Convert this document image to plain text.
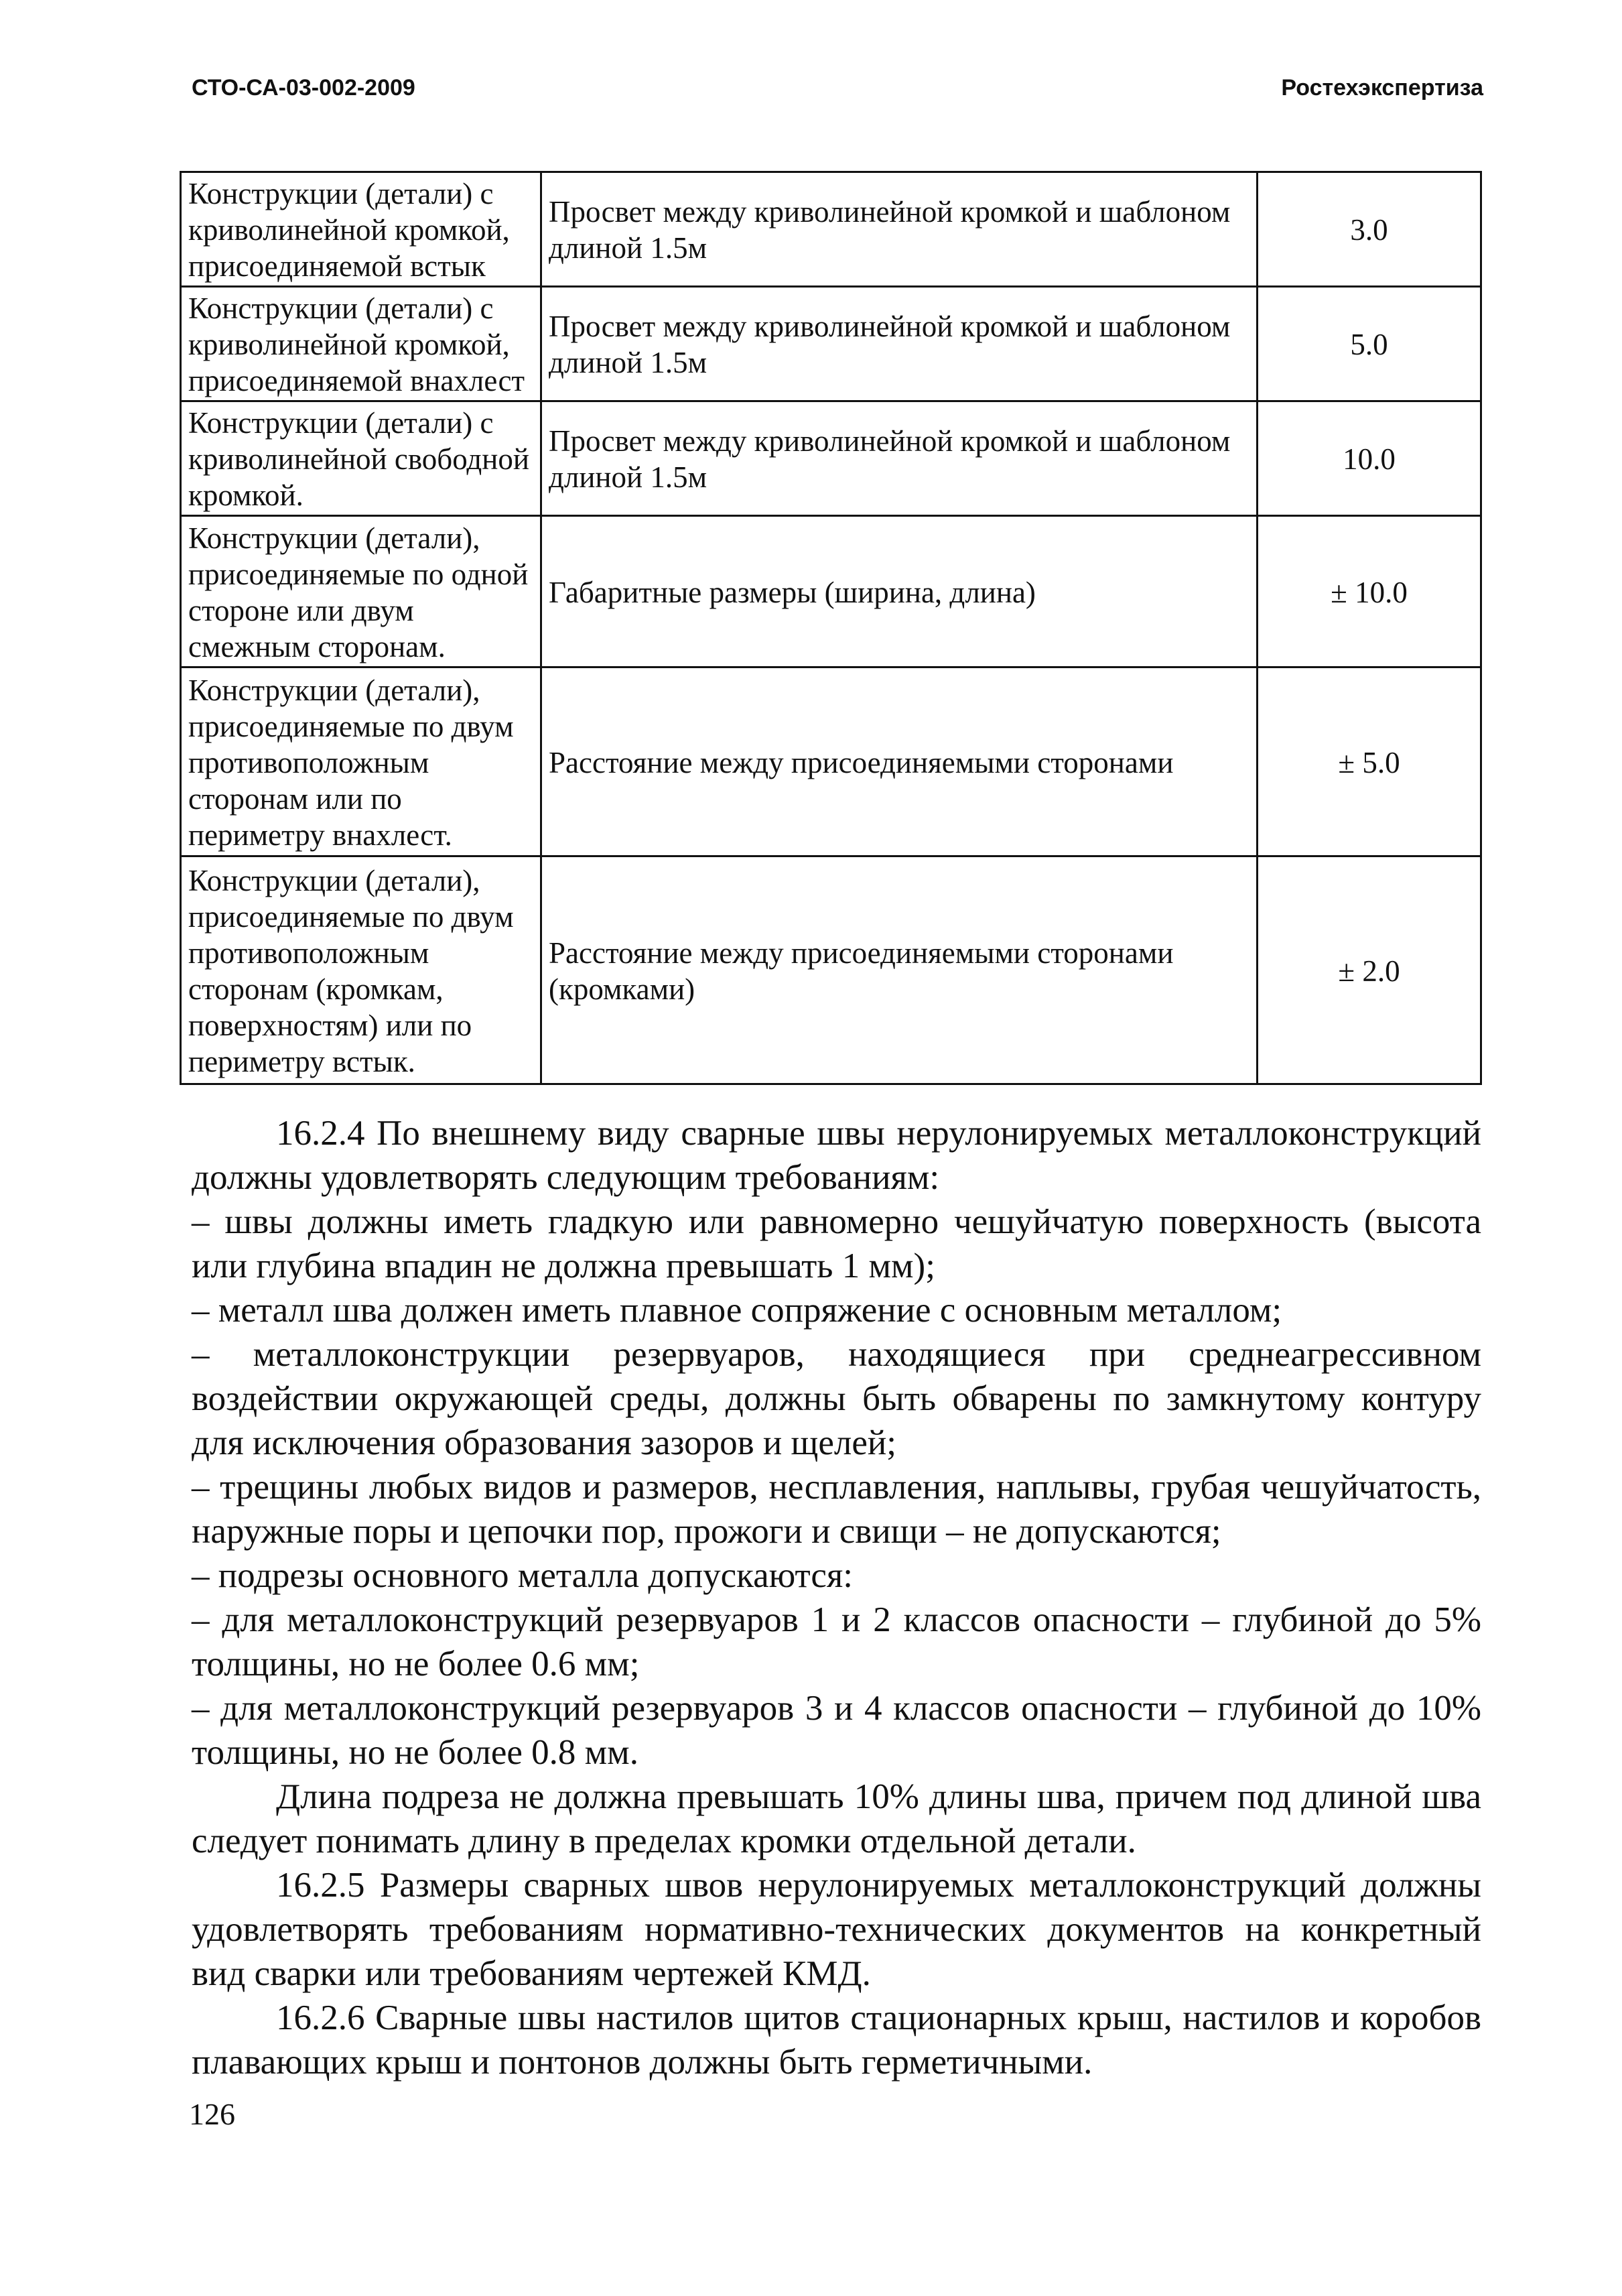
СТО-СА-03-002-2009	Ростехэкспертиза
Конструкции (детали) с криволинейной кромкой, присоединяемой встык	Просвет между криволинейной кромкой и шаблоном длиной 1.5м	3.0
Конструкции (детали) с криволинейной кромкой, присоединяемой внахлест	Просвет между криволинейной кромкой и шаблоном длиной 1.5м	5.0
Конструкции (детали) с криволинейной свободной кромкой.	Просвет между криволинейной кромкой и шаблоном длиной 1.5м	10.0
Конструкции (детали), присоединяемые по одной стороне или двум смежным сторонам.	Габаритные размеры (ширина, длина)	± 10.0
Конструкции (детали), присоединяемые по двум противоположным сторонам или по периметру внахлест.	Расстояние между присоединяемыми сторонами	± 5.0
Конструкции (детали), присоединяемые по двум противоположным сторонам (кромкам, поверхностям) или по периметру встык.	Расстояние между присоединяемыми сторонами (кромками)	± 2.0

16.2.4 По внешнему виду сварные швы нерулонируемых металлоконструкций должны удовлетворять следующим требованиям:

– швы должны иметь гладкую или равномерно чешуйчатую поверхность (высота или глубина впадин не должна превышать 1 мм);

– металл шва должен иметь плавное сопряжение с основным металлом;

– металлоконструкции резервуаров, находящиеся при среднеагрессивном воздействии окружающей среды, должны быть обварены по замкнутому контуру для исключения образования зазоров и щелей;

– трещины любых видов и размеров, несплавления, наплывы, грубая чешуйчатость, наружные поры и цепочки пор, прожоги и свищи – не допускаются;

– подрезы основного металла допускаются:

– для металлоконструкций резервуаров 1 и 2 классов опасности – глубиной до 5% толщины, но не более 0.6 мм;

– для металлоконструкций резервуаров 3 и 4 классов опасности – глубиной до 10% толщины, но не более 0.8 мм.

Длина подреза не должна превышать 10% длины шва, причем под длиной шва следует понимать длину в пределах кромки отдельной детали.

16.2.5 Размеры сварных швов нерулонируемых металлоконструкций должны удовлетворять требованиям нормативно-технических документов на конкретный вид сварки или требованиям чертежей КМД.

16.2.6 Сварные швы настилов щитов стационарных крыш, настилов и коробов плавающих крыш и понтонов должны быть герметичными.

126
